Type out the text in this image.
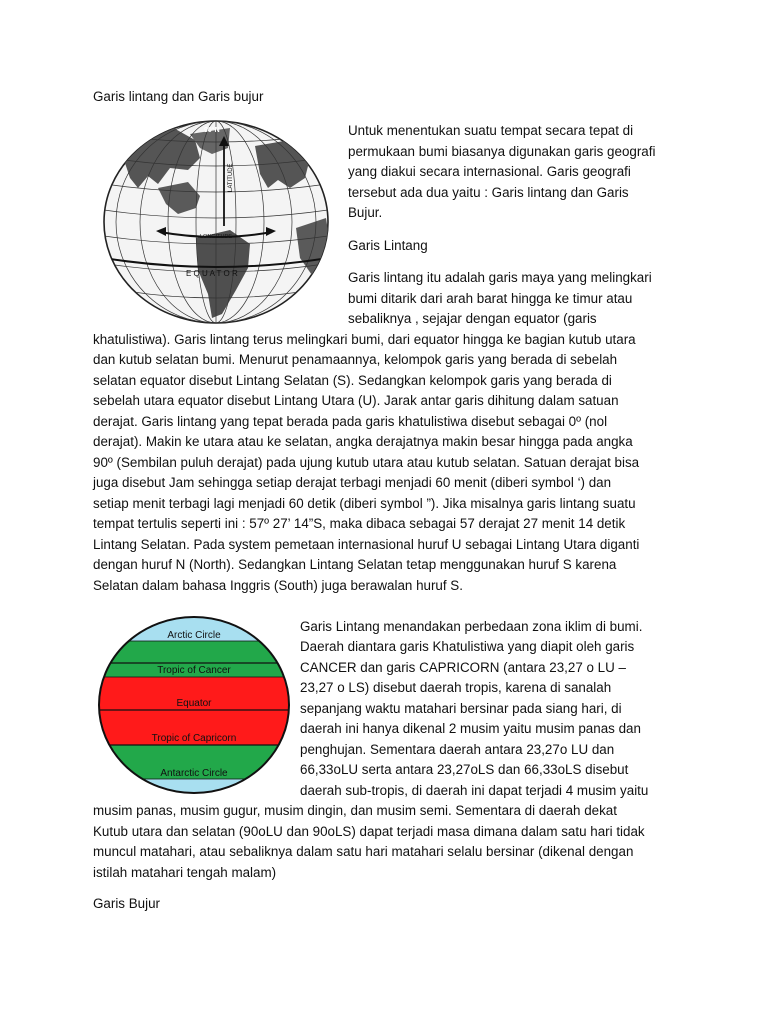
Garis lintang dan Garis bujur
90°N
LATITUDE
LONGITUDE
E Q U A T O R
Untuk menentukan suatu tempat secara tepat di
permukaan bumi biasanya digunakan garis geografi
yang diakui secara internasional. Garis geografi
tersebut ada dua yaitu : Garis lintang dan Garis
Bujur.
Garis Lintang
Garis lintang itu adalah garis maya yang melingkari
bumi ditarik dari arah barat hingga ke timur atau
sebaliknya , sejajar dengan equator (garis
khatulistiwa). Garis lintang terus melingkari bumi, dari equator hingga ke bagian kutub utara
dan kutub selatan bumi. Menurut penamaannya, kelompok garis yang berada di sebelah
selatan equator disebut Lintang Selatan (S). Sedangkan kelompok garis yang berada di
sebelah utara equator disebut Lintang Utara (U). Jarak antar garis dihitung dalam satuan
derajat. Garis lintang yang tepat berada pada garis khatulistiwa disebut sebagai 0º (nol
derajat). Makin ke utara atau ke selatan, angka derajatnya makin besar hingga pada angka
90º (Sembilan puluh derajat) pada ujung kutub utara atau kutub selatan. Satuan derajat bisa
juga disebut Jam sehingga setiap derajat terbagi menjadi 60 menit (diberi symbol ‘) dan
setiap menit terbagi lagi menjadi 60 detik (diberi symbol ”). Jika misalnya garis lintang suatu
tempat tertulis seperti ini : 57º 27’ 14”S, maka dibaca sebagai 57 derajat 27 menit 14 detik
Lintang Selatan. Pada system pemetaan internasional huruf U sebagai Lintang Utara diganti
dengan huruf N (North). Sedangkan Lintang Selatan tetap menggunakan huruf S karena
Selatan dalam bahasa Inggris (South) juga berawalan huruf S.
Arctic Circle
Tropic of Cancer
Equator
Tropic of Capricorn
Antarctic Circle
Garis Lintang menandakan perbedaan zona iklim di bumi.
Daerah diantara garis Khatulistiwa yang diapit oleh garis
CANCER dan garis CAPRICORN (antara 23,27 o LU –
23,27 o LS) disebut daerah tropis, karena di sanalah
sepanjang waktu matahari bersinar pada siang hari, di
daerah ini hanya dikenal 2 musim yaitu musim panas dan
penghujan. Sementara daerah antara 23,27o LU dan
66,33oLU serta antara 23,27oLS dan 66,33oLS disebut
daerah sub-tropis, di daerah ini dapat terjadi 4 musim yaitu
musim panas, musim gugur, musim dingin, dan musim semi. Sementara di daerah dekat
Kutub utara dan selatan (90oLU dan 90oLS) dapat terjadi masa dimana dalam satu hari tidak
muncul matahari, atau sebaliknya dalam satu hari matahari selalu bersinar (dikenal dengan
istilah matahari tengah malam)
Garis Bujur
